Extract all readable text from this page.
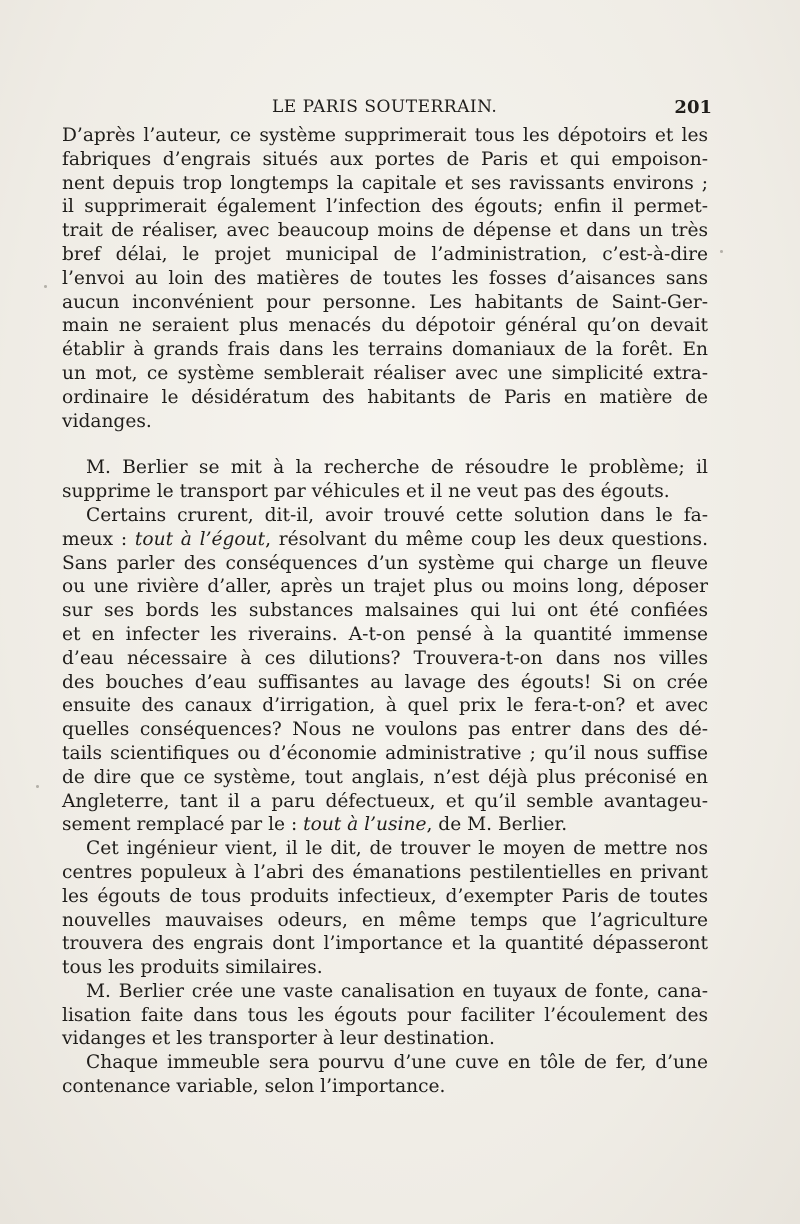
LE PARIS SOUTERRAIN.	201

D’après l’auteur, ce système supprimerait tous les dépotoirs et les
fabriques d’engrais situés aux portes de Paris et qui empoison-
nent depuis trop longtemps la capitale et ses ravissants environs ;
il supprimerait également l’infection des égouts; enfin il permet-
trait de réaliser, avec beaucoup moins de dépense et dans un très
bref délai, le projet municipal de l’administration, c’est-à-dire
l’envoi au loin des matières de toutes les fosses d’aisances sans
aucun inconvénient pour personne. Les habitants de Saint-Ger-
main ne seraient plus menacés du dépotoir général qu’on devait
établir à grands frais dans les terrains domaniaux de la forêt. En
un mot, ce système semblerait réaliser avec une simplicité extra-
ordinaire le désidératum des habitants de Paris en matière de
vidanges.

M. Berlier se mit à la recherche de résoudre le problème; il
supprime le transport par véhicules et il ne veut pas des égouts.

Certains crurent, dit-il, avoir trouvé cette solution dans le fa-
meux : tout à l’égout, résolvant du même coup les deux questions.
Sans parler des conséquences d’un système qui charge un fleuve
ou une rivière d’aller, après un trajet plus ou moins long, déposer
sur ses bords les substances malsaines qui lui ont été confiées
et en infecter les riverains. A-t-on pensé à la quantité immense
d’eau nécessaire à ces dilutions? Trouvera-t-on dans nos villes
des bouches d’eau suffisantes au lavage des égouts! Si on crée
ensuite des canaux d’irrigation, à quel prix le fera-t-on? et avec
quelles conséquences? Nous ne voulons pas entrer dans des dé-
tails scientifiques ou d’économie administrative ; qu’il nous suffise
de dire que ce système, tout anglais, n’est déjà plus préconisé en
Angleterre, tant il a paru défectueux, et qu’il semble avantageu-
sement remplacé par le : tout à l’usine, de M. Berlier.

Cet ingénieur vient, il le dit, de trouver le moyen de mettre nos
centres populeux à l’abri des émanations pestilentielles en privant
les égouts de tous produits infectieux, d’exempter Paris de toutes
nouvelles mauvaises odeurs, en même temps que l’agriculture
trouvera des engrais dont l’importance et la quantité dépasseront
tous les produits similaires.

M. Berlier crée une vaste canalisation en tuyaux de fonte, cana-
lisation faite dans tous les égouts pour faciliter l’écoulement des
vidanges et les transporter à leur destination.

Chaque immeuble sera pourvu d’une cuve en tôle de fer, d’une
contenance variable, selon l’importance.
